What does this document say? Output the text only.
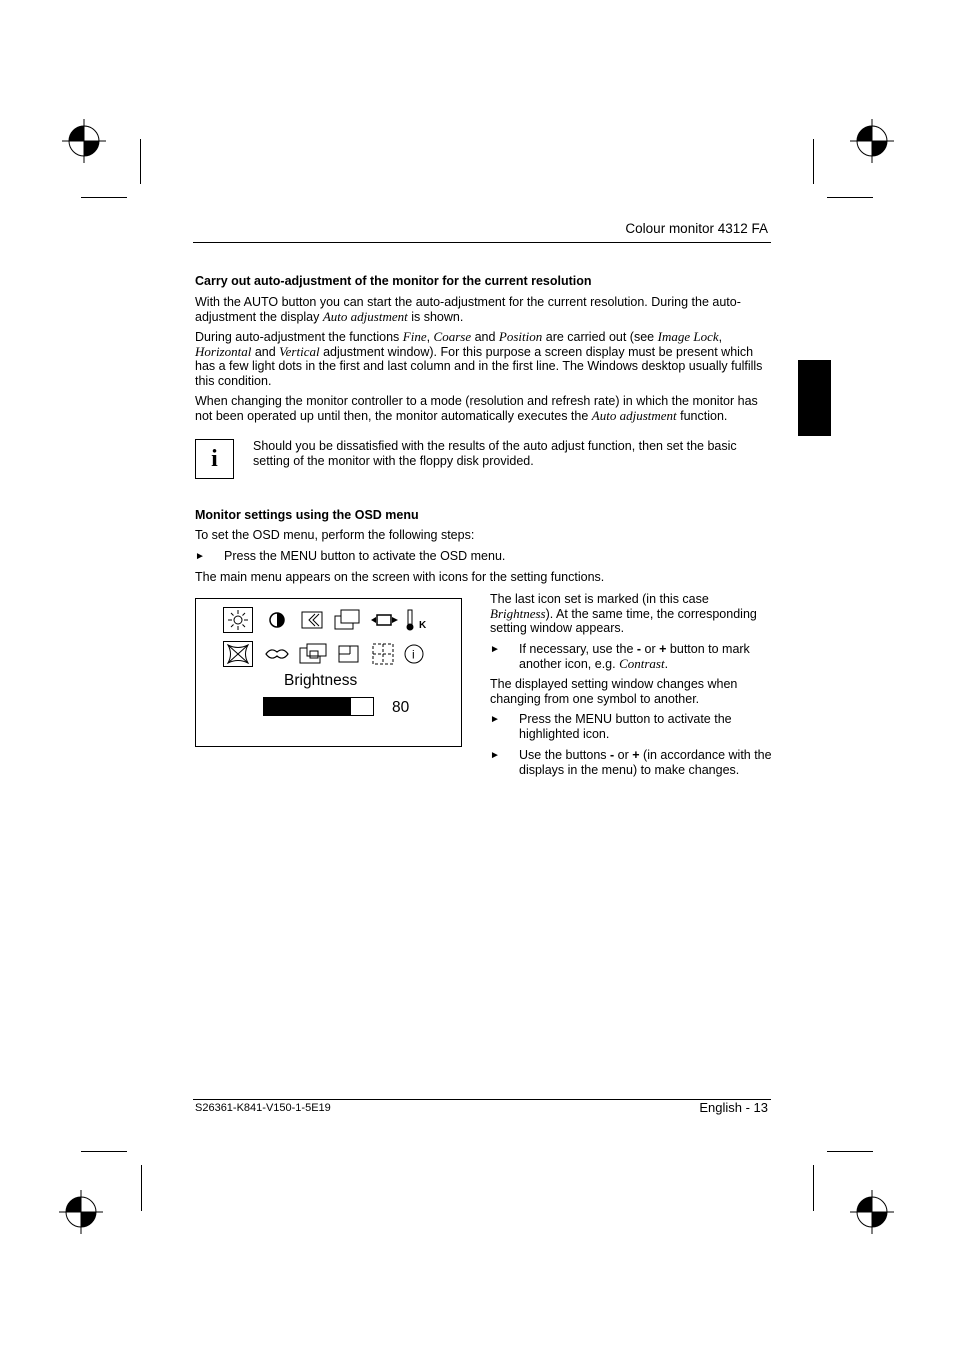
Colour monitor 4312 FA
Carry out auto-adjustment of the monitor for the current resolution

With the AUTO button you can start the auto-adjustment for the current resolution. During the auto-adjustment the display Auto adjustment is shown.

During auto-adjustment the functions Fine, Coarse and Position are carried out (see Image Lock, Horizontal and Vertical adjustment window). For this purpose a screen display must be present which has a few light dots in the first and last column and in the first line. The Windows desktop usually fulfills this condition.

When changing the monitor controller to a mode (resolution and refresh rate) in which the monitor has not been operated up until then, the monitor automatically executes the Auto adjustment function.

i	Should you be dissatisfied with the results of the auto adjust function, then set the basic setting of the monitor with the floppy disk provided.
Monitor settings using the OSD menu
To set the OSD menu, perform the following steps:
► Press the MENU button to activate the OSD menu.
The main menu appears on the screen with icons for the setting functions.
K
i
Brightness
80
The last icon set is marked (in this case Brightness). At the same time, the corresponding setting window appears.
► If necessary, use the - or + button to mark another icon, e.g. Contrast.
The displayed setting window changes when changing from one symbol to another.
► Press the MENU button to activate the highlighted icon.
► Use the buttons - or + (in accordance with the displays in the menu) to make changes.
S26361-K841-V150-1-5E19	English - 13
